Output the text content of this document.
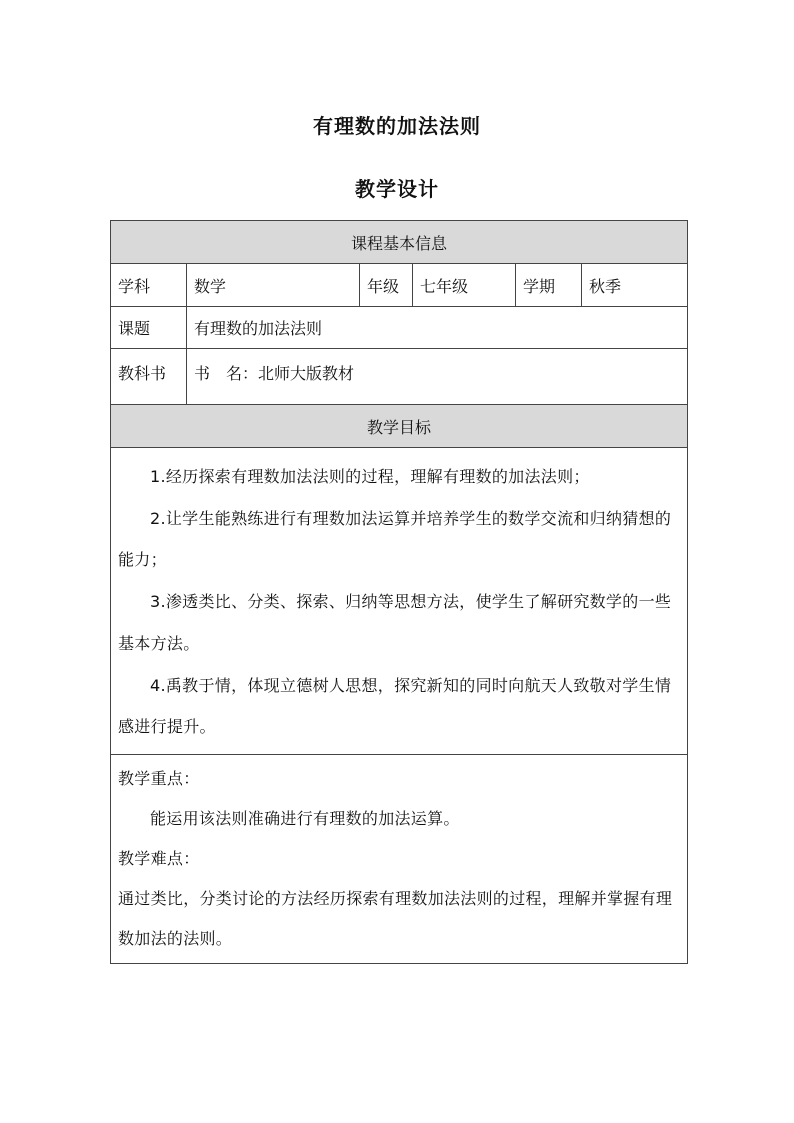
有理数的加法法则
教学设计
课程基本信息
学科	数学	年级	七年级	学期	秋季
课题	有理数的加法法则
教科书	书　名：北师大版教材
教学目标

1.经历探索有理数加法法则的过程，理解有理数的加法法则；

2.让学生能熟练进行有理数加法运算并培养学生的数学交流和归纳猜想的能力；

3.渗透类比、分类、探索、归纳等思想方法，使学生了解研究数学的一些基本方法。

4.禹教于情，体现立德树人思想，探究新知的同时向航天人致敬对学生情感进行提升。

教学重点：

能运用该法则准确进行有理数的加法运算。

教学难点：

通过类比，分类讨论的方法经历探索有理数加法法则的过程，理解并掌握有理数加法的法则。
